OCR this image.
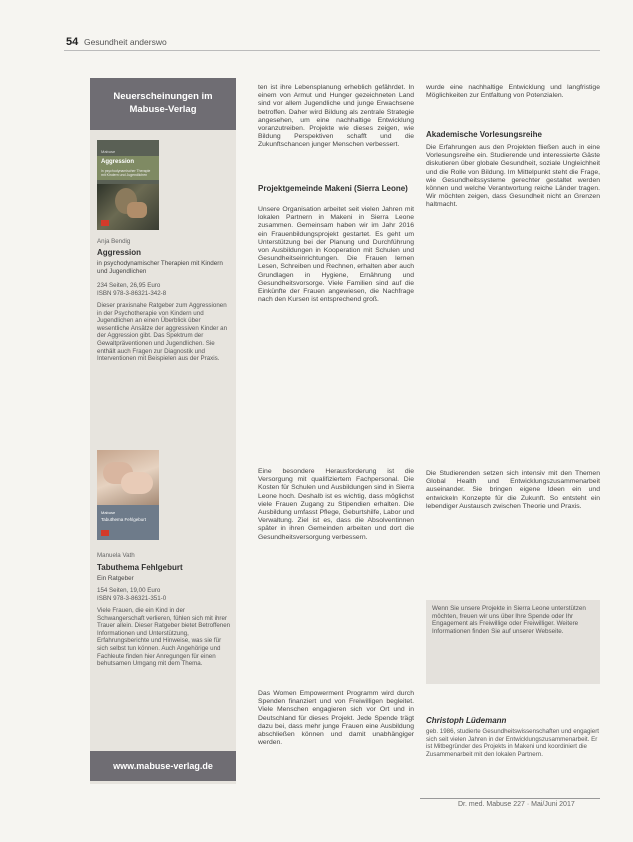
54 Gesundheit anderswo
Neuerscheinungen im
Mabuse-Verlag
Mabuse
Aggression
in psychodynamischer Therapie mit Kindern und Jugendlichen
Anja Bendig
Aggression
in psychodynamischer Therapien mit Kindern und Jugendlichen
234 Seiten, 26,95 Euro
ISBN 978-3-86321-342-8
Dieser praxisnahe Ratgeber zum Aggressionen in der Psychotherapie von Kindern und Jugendlichen an einen Überblick über wesentliche Ansätze der aggressiven Kinder an der Aggression gibt. Das Spektrum der Gewaltpräventionen und Jugendlichen. Sie enthält auch Fragen zur Diagnostik und Interventionen mit Beispielen aus der Praxis.
Mabuse
Tabuthema Fehlgeburt
Manuela Vath
Tabuthema Fehlgeburt
Ein Ratgeber
154 Seiten, 19,00 Euro
ISBN 978-3-86321-351-0
Viele Frauen, die ein Kind in der Schwangerschaft verlieren, fühlen sich mit ihrer Trauer allein. Dieser Ratgeber bietet Betroffenen Informationen und Unterstützung, Erfahrungsberichte und Hinweise, was sie für sich selbst tun können. Auch Angehörige und Fachleute finden hier Anregungen für einen behutsamen Umgang mit dem Thema.
www.mabuse-verlag.de
ten ist ihre Lebensplanung erheblich gefährdet. In einem von Armut und Hunger gezeichneten Land sind vor allem Jugendliche und junge Erwachsene betroffen. Daher wird Bildung als zentrale Strategie angesehen, um eine nachhaltige Entwicklung voranzutreiben. Projekte wie dieses zeigen, wie Bildung Perspektiven schafft und die Zukunftschancen junger Menschen verbessert.
Projektgemeinde Makeni (Sierra Leone)
Unsere Organisation arbeitet seit vielen Jahren mit lokalen Partnern in Makeni in Sierra Leone zusammen. Gemeinsam haben wir im Jahr 2016 ein Frauenbildungsprojekt gestartet. Es geht um Unterstützung bei der Planung und Durchführung von Ausbildungen in Kooperation mit Schulen und Gesundheitseinrichtungen. Die Frauen lernen Lesen, Schreiben und Rechnen, erhalten aber auch Grundlagen in Hygiene, Ernährung und Gesundheitsvorsorge. Viele Familien sind auf die Einkünfte der Frauen angewiesen, die Nachfrage nach den Kursen ist entsprechend groß.
Eine besondere Herausforderung ist die Versorgung mit qualifiziertem Fachpersonal. Die Kosten für Schulen und Ausbildungen sind in Sierra Leone hoch. Deshalb ist es wichtig, dass möglichst viele Frauen Zugang zu Stipendien erhalten. Die Ausbildung umfasst Pflege, Geburtshilfe, Labor und Verwaltung. Ziel ist es, dass die Absolventinnen später in ihren Gemeinden arbeiten und dort die Gesundheitsversorgung verbessern.
Das Women Empowerment Programm wird durch Spenden finanziert und von Freiwilligen begleitet. Viele Menschen engagieren sich vor Ort und in Deutschland für dieses Projekt. Jede Spende trägt dazu bei, dass mehr junge Frauen eine Ausbildung abschließen können und damit unabhängiger werden.
wurde eine nachhaltige Entwicklung und langfristige Möglichkeiten zur Entfaltung von Potenzialen.
Akademische Vorlesungsreihe
Die Erfahrungen aus den Projekten fließen auch in eine Vorlesungsreihe ein. Studierende und interessierte Gäste diskutieren über globale Gesundheit, soziale Ungleichheit und die Rolle von Bildung. Im Mittelpunkt steht die Frage, wie Gesundheitssysteme gerechter gestaltet werden können und welche Verantwortung reiche Länder tragen. Wir möchten zeigen, dass Gesundheit nicht an Grenzen haltmacht.
Die Studierenden setzen sich intensiv mit den Themen Global Health und Entwicklungszusammenarbeit auseinander. Sie bringen eigene Ideen ein und entwickeln Konzepte für die Zukunft. So entsteht ein lebendiger Austausch zwischen Theorie und Praxis.
Wenn Sie unsere Projekte in Sierra Leone unterstützen möchten, freuen wir uns über Ihre Spende oder Ihr Engagement als Freiwillige oder Freiwilliger. Weitere Informationen finden Sie auf unserer Webseite.
Christoph Lüdemann
geb. 1986, studierte Gesundheitswissenschaften und engagiert sich seit vielen Jahren in der Entwicklungszusammenarbeit. Er ist Mitbegründer des Projekts in Makeni und koordiniert die Zusammenarbeit mit den lokalen Partnern.
Dr. med. Mabuse 227 · Mai/Juni 2017
